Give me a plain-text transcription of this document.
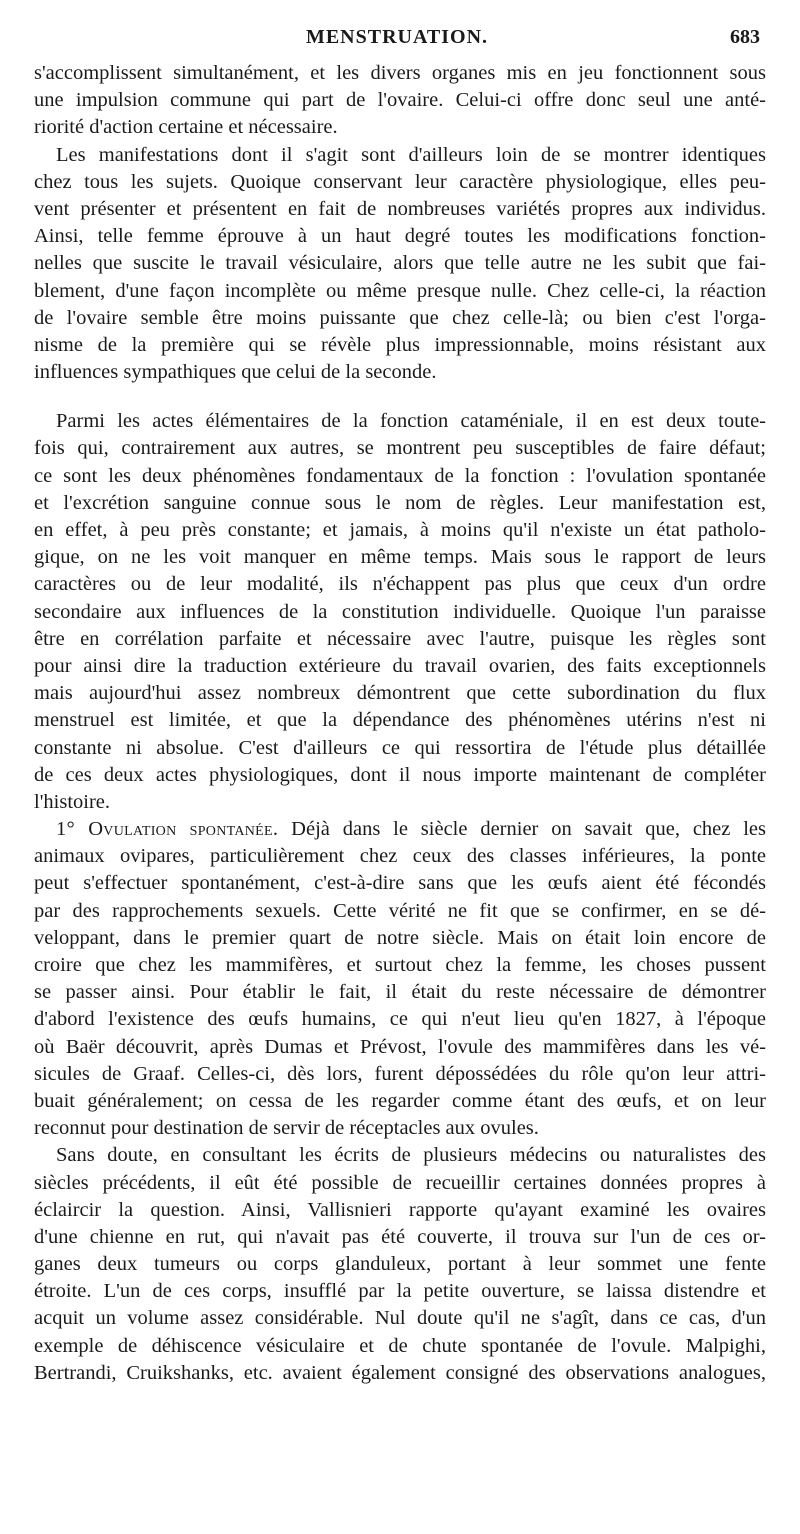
MENSTRUATION.	683
s'accomplissent simultanément, et les divers organes mis en jeu fonctionnent sous
une impulsion commune qui part de l'ovaire. Celui-ci offre donc seul une anté-
riorité d'action certaine et nécessaire.
Les manifestations dont il s'agit sont d'ailleurs loin de se montrer identiques
chez tous les sujets. Quoique conservant leur caractère physiologique, elles peu-
vent présenter et présentent en fait de nombreuses variétés propres aux individus.
Ainsi, telle femme éprouve à un haut degré toutes les modifications fonction-
nelles que suscite le travail vésiculaire, alors que telle autre ne les subit que fai-
blement, d'une façon incomplète ou même presque nulle. Chez celle-ci, la réaction
de l'ovaire semble être moins puissante que chez celle-là; ou bien c'est l'orga-
nisme de la première qui se révèle plus impressionnable, moins résistant aux
influences sympathiques que celui de la seconde.
Parmi les actes élémentaires de la fonction cataméniale, il en est deux toute-
fois qui, contrairement aux autres, se montrent peu susceptibles de faire défaut;
ce sont les deux phénomènes fondamentaux de la fonction : l'ovulation spontanée
et l'excrétion sanguine connue sous le nom de règles. Leur manifestation est,
en effet, à peu près constante; et jamais, à moins qu'il n'existe un état patholo-
gique, on ne les voit manquer en même temps. Mais sous le rapport de leurs
caractères ou de leur modalité, ils n'échappent pas plus que ceux d'un ordre
secondaire aux influences de la constitution individuelle. Quoique l'un paraisse
être en corrélation parfaite et nécessaire avec l'autre, puisque les règles sont
pour ainsi dire la traduction extérieure du travail ovarien, des faits exceptionnels
mais aujourd'hui assez nombreux démontrent que cette subordination du flux
menstruel est limitée, et que la dépendance des phénomènes utérins n'est ni
constante ni absolue. C'est d'ailleurs ce qui ressortira de l'étude plus détaillée
de ces deux actes physiologiques, dont il nous importe maintenant de compléter
l'histoire.
1° Ovulation spontanée. Déjà dans le siècle dernier on savait que, chez les
animaux ovipares, particulièrement chez ceux des classes inférieures, la ponte
peut s'effectuer spontanément, c'est-à-dire sans que les œufs aient été fécondés
par des rapprochements sexuels. Cette vérité ne fit que se confirmer, en se dé-
veloppant, dans le premier quart de notre siècle. Mais on était loin encore de
croire que chez les mammifères, et surtout chez la femme, les choses pussent
se passer ainsi. Pour établir le fait, il était du reste nécessaire de démontrer
d'abord l'existence des œufs humains, ce qui n'eut lieu qu'en 1827, à l'époque
où Baër découvrit, après Dumas et Prévost, l'ovule des mammifères dans les vé-
sicules de Graaf. Celles-ci, dès lors, furent dépossédées du rôle qu'on leur attri-
buait généralement; on cessa de les regarder comme étant des œufs, et on leur
reconnut pour destination de servir de réceptacles aux ovules.
Sans doute, en consultant les écrits de plusieurs médecins ou naturalistes des
siècles précédents, il eût été possible de recueillir certaines données propres à
éclaircir la question. Ainsi, Vallisnieri rapporte qu'ayant examiné les ovaires
d'une chienne en rut, qui n'avait pas été couverte, il trouva sur l'un de ces or-
ganes deux tumeurs ou corps glanduleux, portant à leur sommet une fente
étroite. L'un de ces corps, insufflé par la petite ouverture, se laissa distendre et
acquit un volume assez considérable. Nul doute qu'il ne s'agît, dans ce cas, d'un
exemple de déhiscence vésiculaire et de chute spontanée de l'ovule. Malpighi,
Bertrandi, Cruikshanks, etc. avaient également consigné des observations analogues,
